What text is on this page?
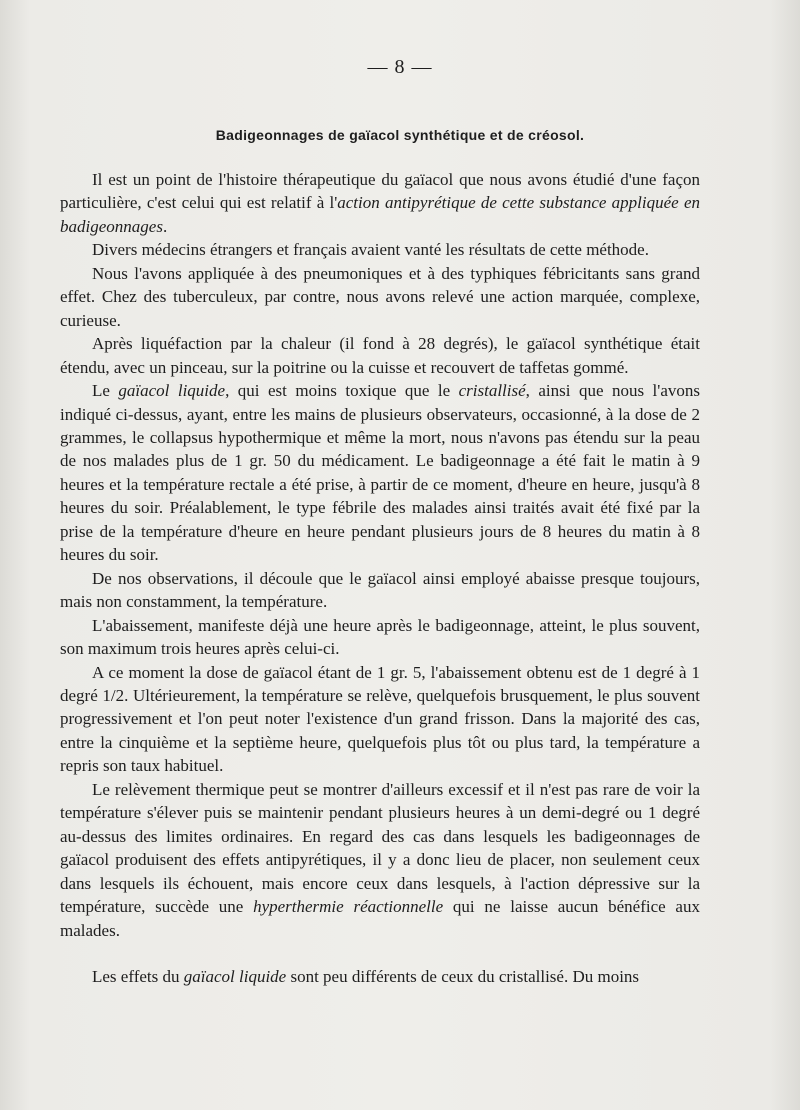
— 8 —
Badigeonnages de gaïacol synthétique et de créosol.

Il est un point de l'histoire thérapeutique du gaïacol que nous avons étudié d'une façon particulière, c'est celui qui est relatif à l'action antipyrétique de cette substance appliquée en badigeonnages.

Divers médecins étrangers et français avaient vanté les résultats de cette méthode.

Nous l'avons appliquée à des pneumoniques et à des typhiques fébricitants sans grand effet. Chez des tuberculeux, par contre, nous avons relevé une action marquée, complexe, curieuse.

Après liquéfaction par la chaleur (il fond à 28 degrés), le gaïacol synthétique était étendu, avec un pinceau, sur la poitrine ou la cuisse et recouvert de taffetas gommé.

Le gaïacol liquide, qui est moins toxique que le cristallisé, ainsi que nous l'avons indiqué ci-dessus, ayant, entre les mains de plusieurs observateurs, occasionné, à la dose de 2 grammes, le collapsus hypothermique et même la mort, nous n'avons pas étendu sur la peau de nos malades plus de 1 gr. 50 du médicament. Le badigeonnage a été fait le matin à 9 heures et la température rectale a été prise, à partir de ce moment, d'heure en heure, jusqu'à 8 heures du soir. Préalablement, le type fébrile des malades ainsi traités avait été fixé par la prise de la température d'heure en heure pendant plusieurs jours de 8 heures du matin à 8 heures du soir.

De nos observations, il découle que le gaïacol ainsi employé abaisse presque toujours, mais non constamment, la température.

L'abaissement, manifeste déjà une heure après le badigeonnage, atteint, le plus souvent, son maximum trois heures après celui-ci.

A ce moment la dose de gaïacol étant de 1 gr. 5, l'abaissement obtenu est de 1 degré à 1 degré 1/2. Ultérieurement, la température se relève, quelquefois brusquement, le plus souvent progressivement et l'on peut noter l'existence d'un grand frisson. Dans la majorité des cas, entre la cinquième et la septième heure, quelquefois plus tôt ou plus tard, la température a repris son taux habituel.

Le relèvement thermique peut se montrer d'ailleurs excessif et il n'est pas rare de voir la température s'élever puis se maintenir pendant plusieurs heures à un demi-degré ou 1 degré au-dessus des limites ordinaires. En regard des cas dans lesquels les badigeonnages de gaïacol produisent des effets antipyrétiques, il y a donc lieu de placer, non seulement ceux dans lesquels ils échouent, mais encore ceux dans lesquels, à l'action dépressive sur la température, succède une hyperthermie réactionnelle qui ne laisse aucun bénéfice aux malades.

Les effets du gaïacol liquide sont peu différents de ceux du cristallisé. Du moins
